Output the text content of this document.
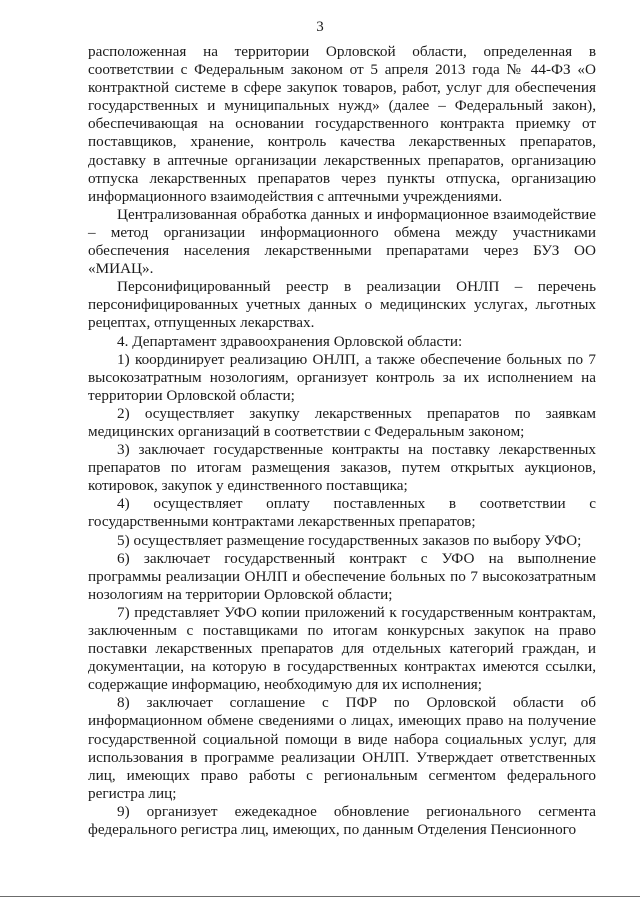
3

расположенная на территории Орловской области, определенная в соответствии с Федеральным законом от 5 апреля 2013 года № 44-ФЗ «О контрактной системе в сфере закупок товаров, работ, услуг для обеспечения государственных и муниципальных нужд» (далее – Федеральный закон), обеспечивающая на основании государственного контракта приемку от поставщиков, хранение, контроль качества лекарственных препаратов, доставку в аптечные организации лекарственных препаратов, организацию отпуска лекарственных препаратов через пункты отпуска, организацию информационного взаимодействия с аптечными учреждениями.

Централизованная обработка данных и информационное взаимодействие – метод организации информационного обмена между участниками обеспечения населения лекарственными препаратами через БУЗ ОО «МИАЦ».

Персонифицированный реестр в реализации ОНЛП – перечень персонифицированных учетных данных о медицинских услугах, льготных рецептах, отпущенных лекарствах.

4. Департамент здравоохранения Орловской области:

1) координирует реализацию ОНЛП, а также обеспечение больных по 7 высокозатратным нозологиям, организует контроль за их исполнением на территории Орловской области;

2) осуществляет закупку лекарственных препаратов по заявкам медицинских организаций в соответствии с Федеральным законом;

3) заключает государственные контракты на поставку лекарственных препаратов по итогам размещения заказов, путем открытых аукционов, котировок, закупок у единственного поставщика;

4) осуществляет оплату поставленных в соответствии с государственными контрактами лекарственных препаратов;

5) осуществляет размещение государственных заказов по выбору УФО;

6) заключает государственный контракт с УФО на выполнение программы реализации ОНЛП и обеспечение больных по 7 высокозатратным нозологиям на территории Орловской области;

7) представляет УФО копии приложений к государственным контрактам, заключенным с поставщиками по итогам конкурсных закупок на право поставки лекарственных препаратов для отдельных категорий граждан, и документации, на которую в государственных контрактах имеются ссылки, содержащие информацию, необходимую для их исполнения;

8) заключает соглашение с ПФР по Орловской области об информационном обмене сведениями о лицах, имеющих право на получение государственной социальной помощи в виде набора социальных услуг, для использования в программе реализации ОНЛП. Утверждает ответственных лиц, имеющих право работы с региональным сегментом федерального регистра лиц;

9) организует ежедекадное обновление регионального сегмента федерального регистра лиц, имеющих, по данным Отделения Пенсионного
